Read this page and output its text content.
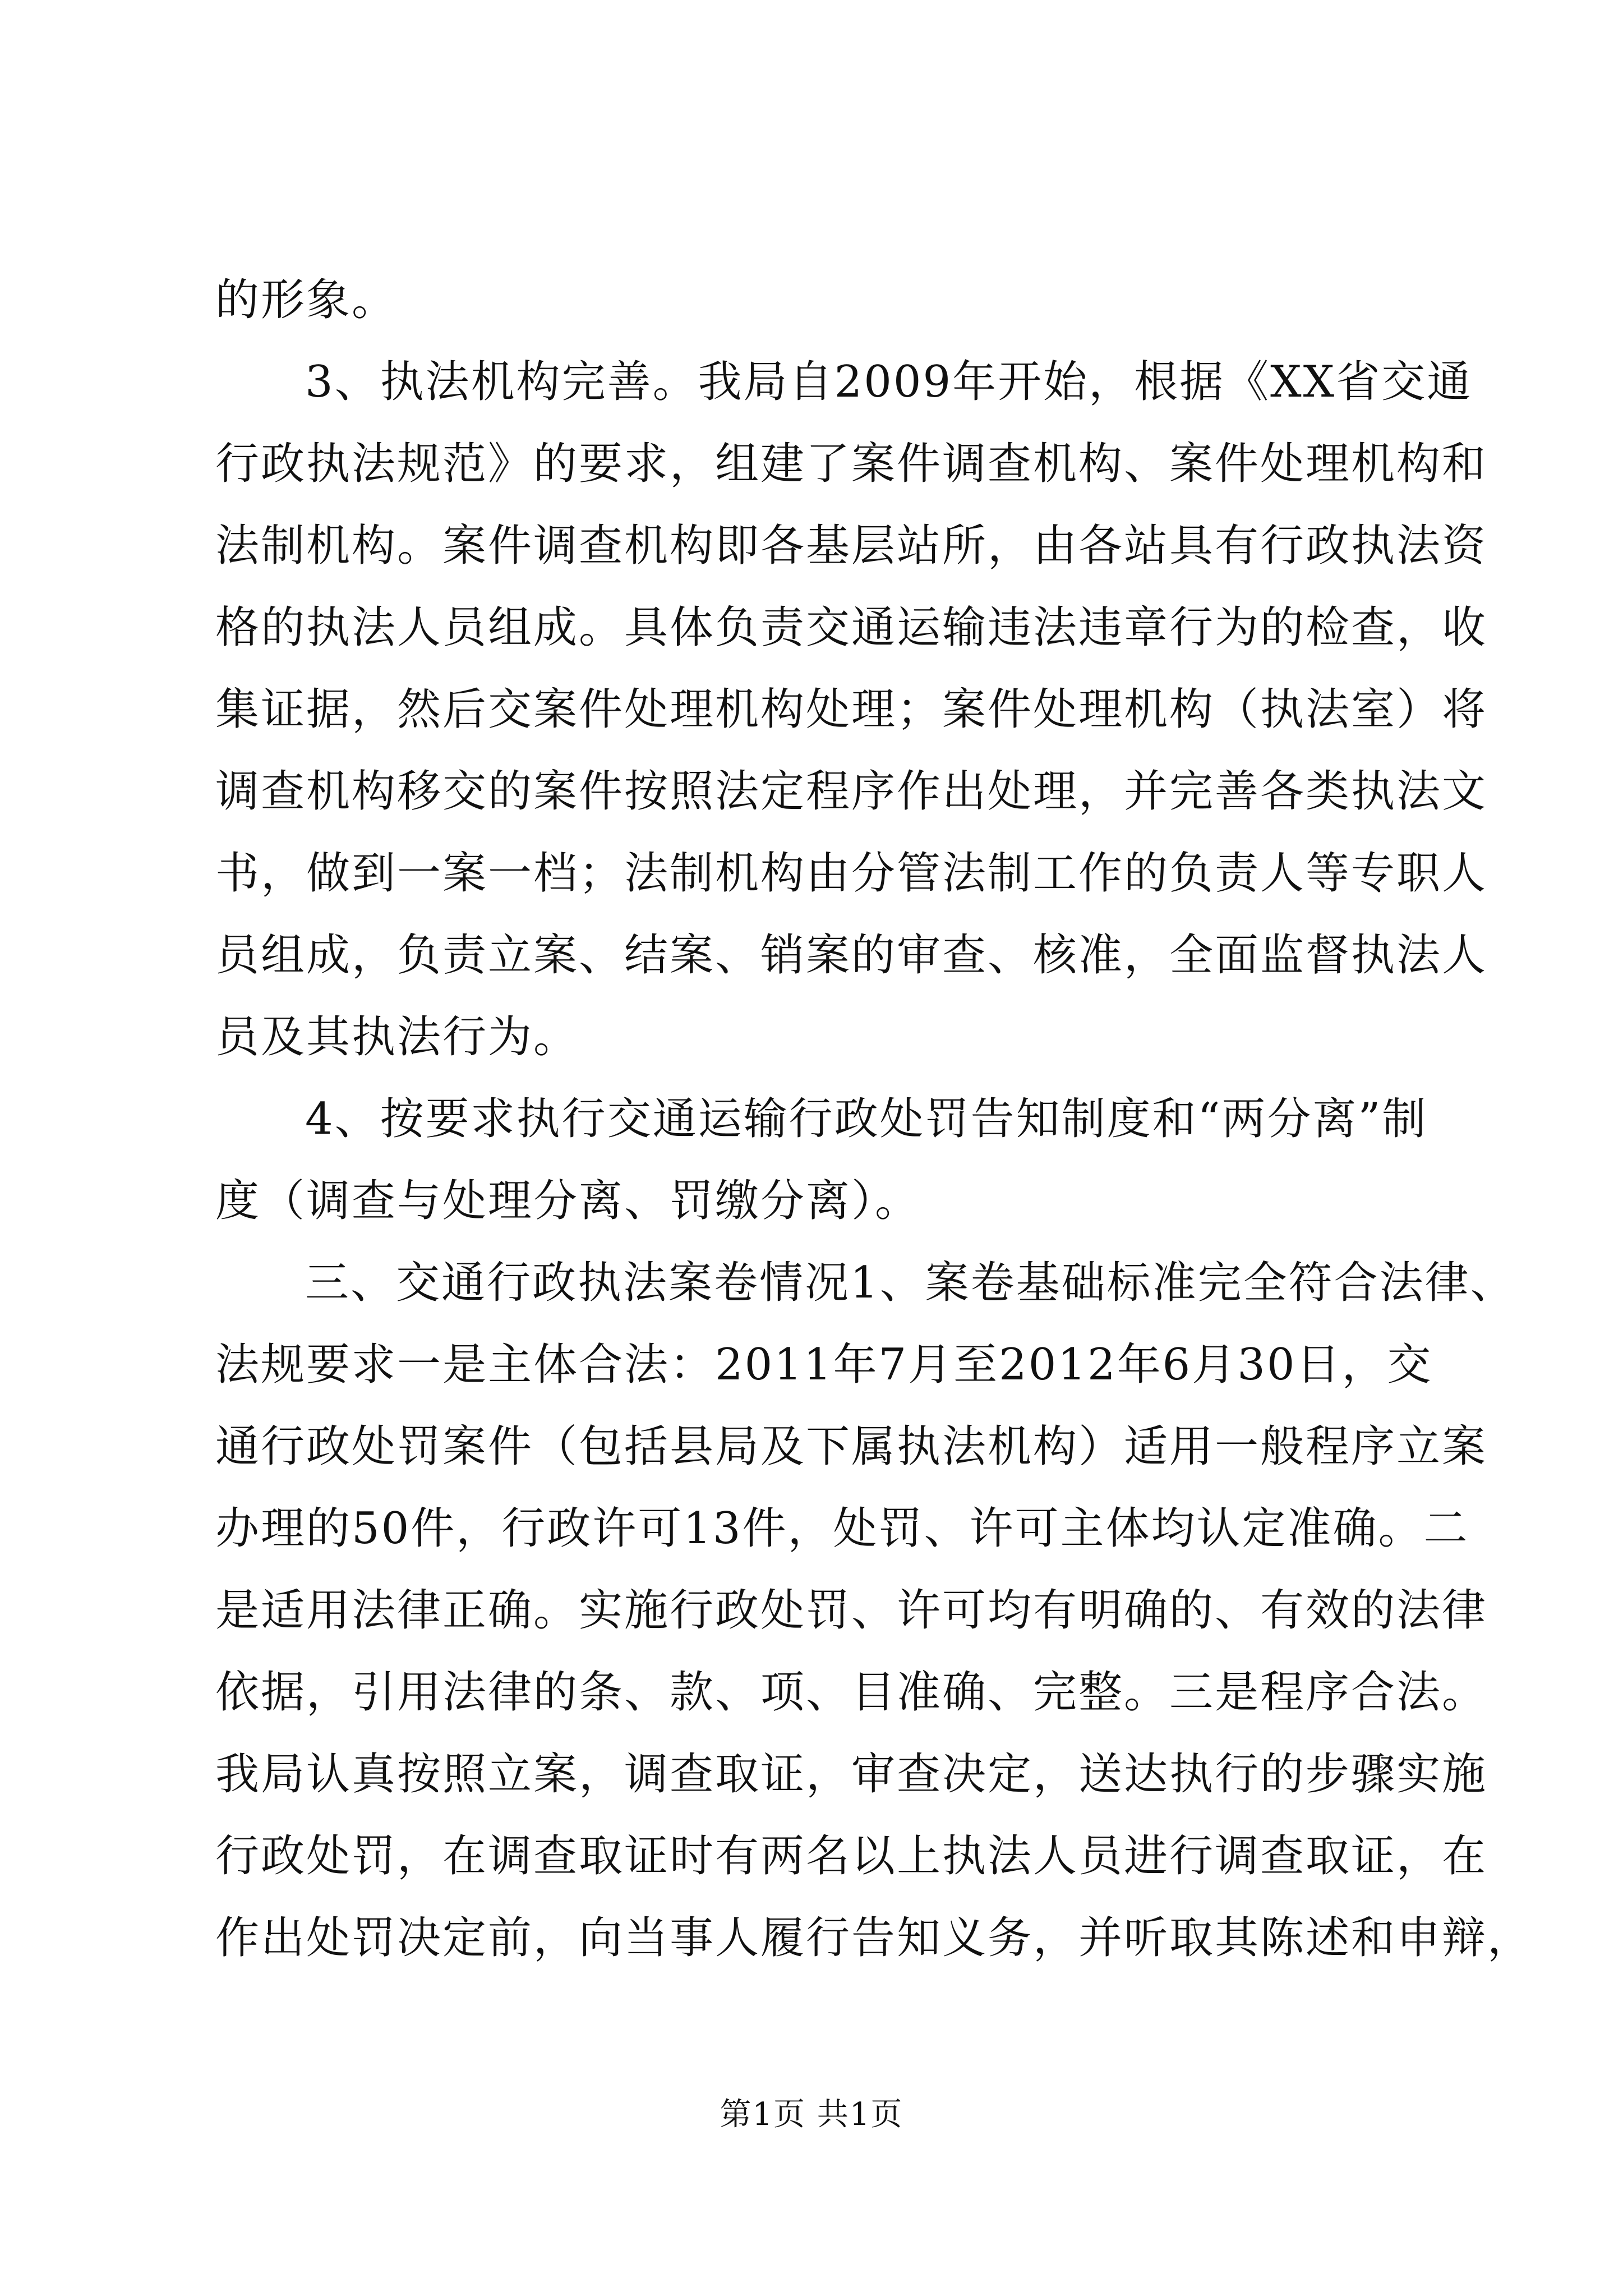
的形象。
3、执法机构完善。我局自2009年开始，根据《XX省交通
行政执法规范》的要求，组建了案件调查机构、案件处理机构和
法制机构。案件调查机构即各基层站所，由各站具有行政执法资
格的执法人员组成。具体负责交通运输违法违章行为的检查，收
集证据，然后交案件处理机构处理；案件处理机构（执法室）将
调查机构移交的案件按照法定程序作出处理，并完善各类执法文
书，做到一案一档；法制机构由分管法制工作的负责人等专职人
员组成，负责立案、结案、销案的审查、核准，全面监督执法人
员及其执法行为。
4、按要求执行交通运输行政处罚告知制度和“两分离”制
度（调查与处理分离、罚缴分离）。
三、交通行政执法案卷情况1、案卷基础标准完全符合法律、
法规要求一是主体合法：2011年7月至2012年6月30日，交
通行政处罚案件（包括县局及下属执法机构）适用一般程序立案
办理的50件，行政许可13件，处罚、许可主体均认定准确。二
是适用法律正确。实施行政处罚、许可均有明确的、有效的法律
依据，引用法律的条、款、项、目准确、完整。三是程序合法。
我局认真按照立案，调查取证，审查决定，送达执行的步骤实施
行政处罚，在调查取证时有两名以上执法人员进行调查取证，在
作出处罚决定前，向当事人履行告知义务，并听取其陈述和申辩，
第1页 共1页
